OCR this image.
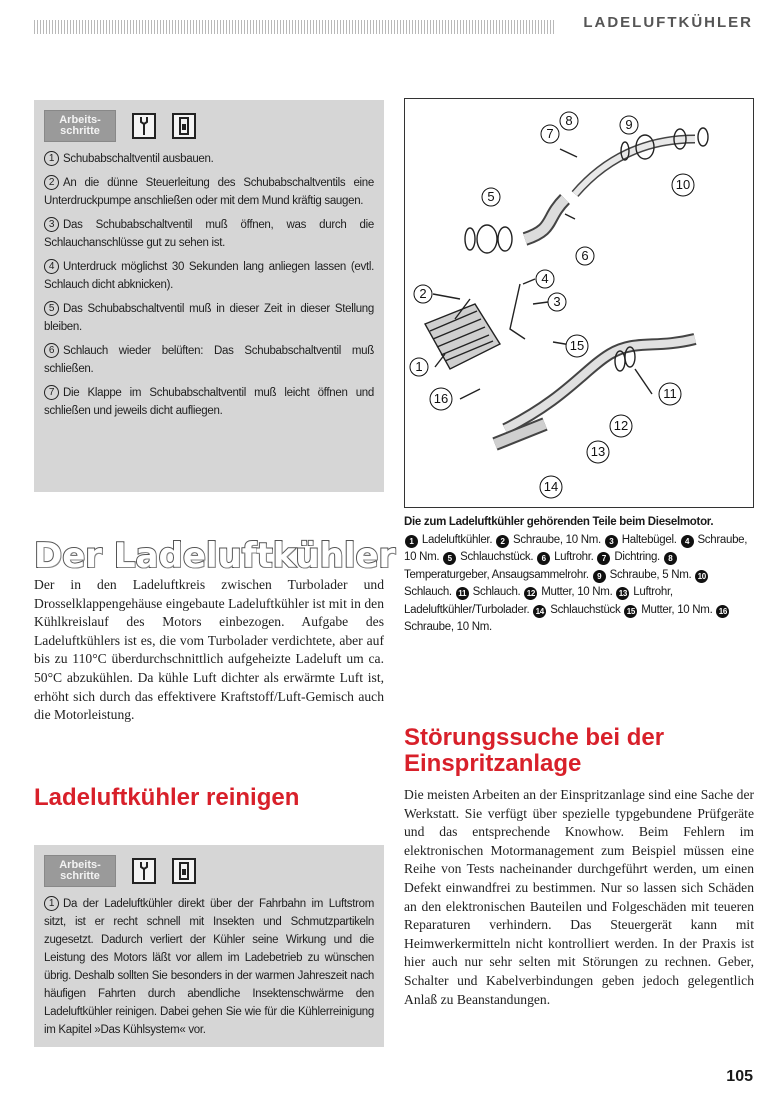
LADELUFTKÜHLER
Arbeits-
schritte

1 Schubabschaltventil ausbauen.

2 An die dünne Steuerleitung des Schubabschaltventils eine Unterdruckpumpe anschließen oder mit dem Mund kräftig saugen.

3 Das Schubabschaltventil muß öffnen, was durch die Schlauchanschlüsse gut zu sehen ist.

4 Unterdruck möglichst 30 Sekunden lang anliegen lassen (evtl. Schlauch dicht abknicken).

5 Das Schubabschaltventil muß in dieser Zeit in dieser Stellung bleiben.

6 Schlauch wieder belüften: Das Schubabschaltventil muß schließen.

7 Die Klappe im Schubabschaltventil muß leicht öffnen und schließen und jeweils dicht aufliegen.

1
2
3
4
5
6
7
8	9
10
11
12
13
14
15
16
Die zum Ladeluftkühler gehörenden Teile beim Dieselmotor.
1 Ladeluftkühler. 2 Schraube, 10 Nm. 3 Haltebügel. 4 Schraube, 10 Nm. 5 Schlauchstück. 6 Luftrohr. 7 Dichtring. 8 Temperaturgeber, Ansaugsammelrohr. 9 Schraube, 5 Nm. 10 Schlauch. 11 Schlauch. 12 Mutter, 10 Nm. 13 Luftrohr, Ladeluftkühler/Turbolader. 14 Schlauchstück 15 Mutter, 10 Nm. 16 Schraube, 10 Nm.
Der Ladeluftkühler
Der in den Ladeluftkreis zwischen Turbolader und Drosselklappengehäuse eingebaute Ladeluftkühler ist mit in den Kühlkreislauf des Motors einbezogen. Aufgabe des Ladeluftkühlers ist es, die vom Turbolader verdichtete, aber auf bis zu 110°C überdurchschnittlich aufgeheizte Ladeluft um ca. 50°C abzukühlen. Da kühle Luft dichter als erwärmte Luft ist, erhöht sich durch das effektivere Kraftstoff/Luft-Gemisch auch die Motorleistung.
Ladeluftkühler reinigen
Arbeits-
schritte

1 Da der Ladeluftkühler direkt über der Fahrbahn im Luftstrom sitzt, ist er recht schnell mit Insekten und Schmutzpartikeln zugesetzt. Dadurch verliert der Kühler seine Wirkung und die Leistung des Motors läßt vor allem im Ladebetrieb zu wünschen übrig. Deshalb sollten Sie besonders in der warmen Jahreszeit nach häufigen Fahrten durch abendliche Insektenschwärme den Ladeluftkühler reinigen. Dabei gehen Sie wie für die Kühlerreinigung im Kapitel »Das Kühlsystem« vor.

Störungssuche bei der
Einspritzanlage
Die meisten Arbeiten an der Einspritzanlage sind eine Sache der Werkstatt. Sie verfügt über spezielle typgebundene Prüfgeräte und das entsprechende Knowhow. Beim Fehlern im elektronischen Motormanagement zum Beispiel müssen eine Reihe von Tests nacheinander durchgeführt werden, um einen Defekt einwandfrei zu bestimmen. Nur so lassen sich Schäden an den elektronischen Bauteilen und Folgeschäden mit teueren Reparaturen verhindern. Das Steuergerät kann mit Heimwerkermitteln nicht kontrolliert werden. In der Praxis ist hier auch nur sehr selten mit Störungen zu rechnen. Geber, Schalter und Kabelverbindungen geben jedoch gelegentlich Anlaß zu Beanstandungen.
105
